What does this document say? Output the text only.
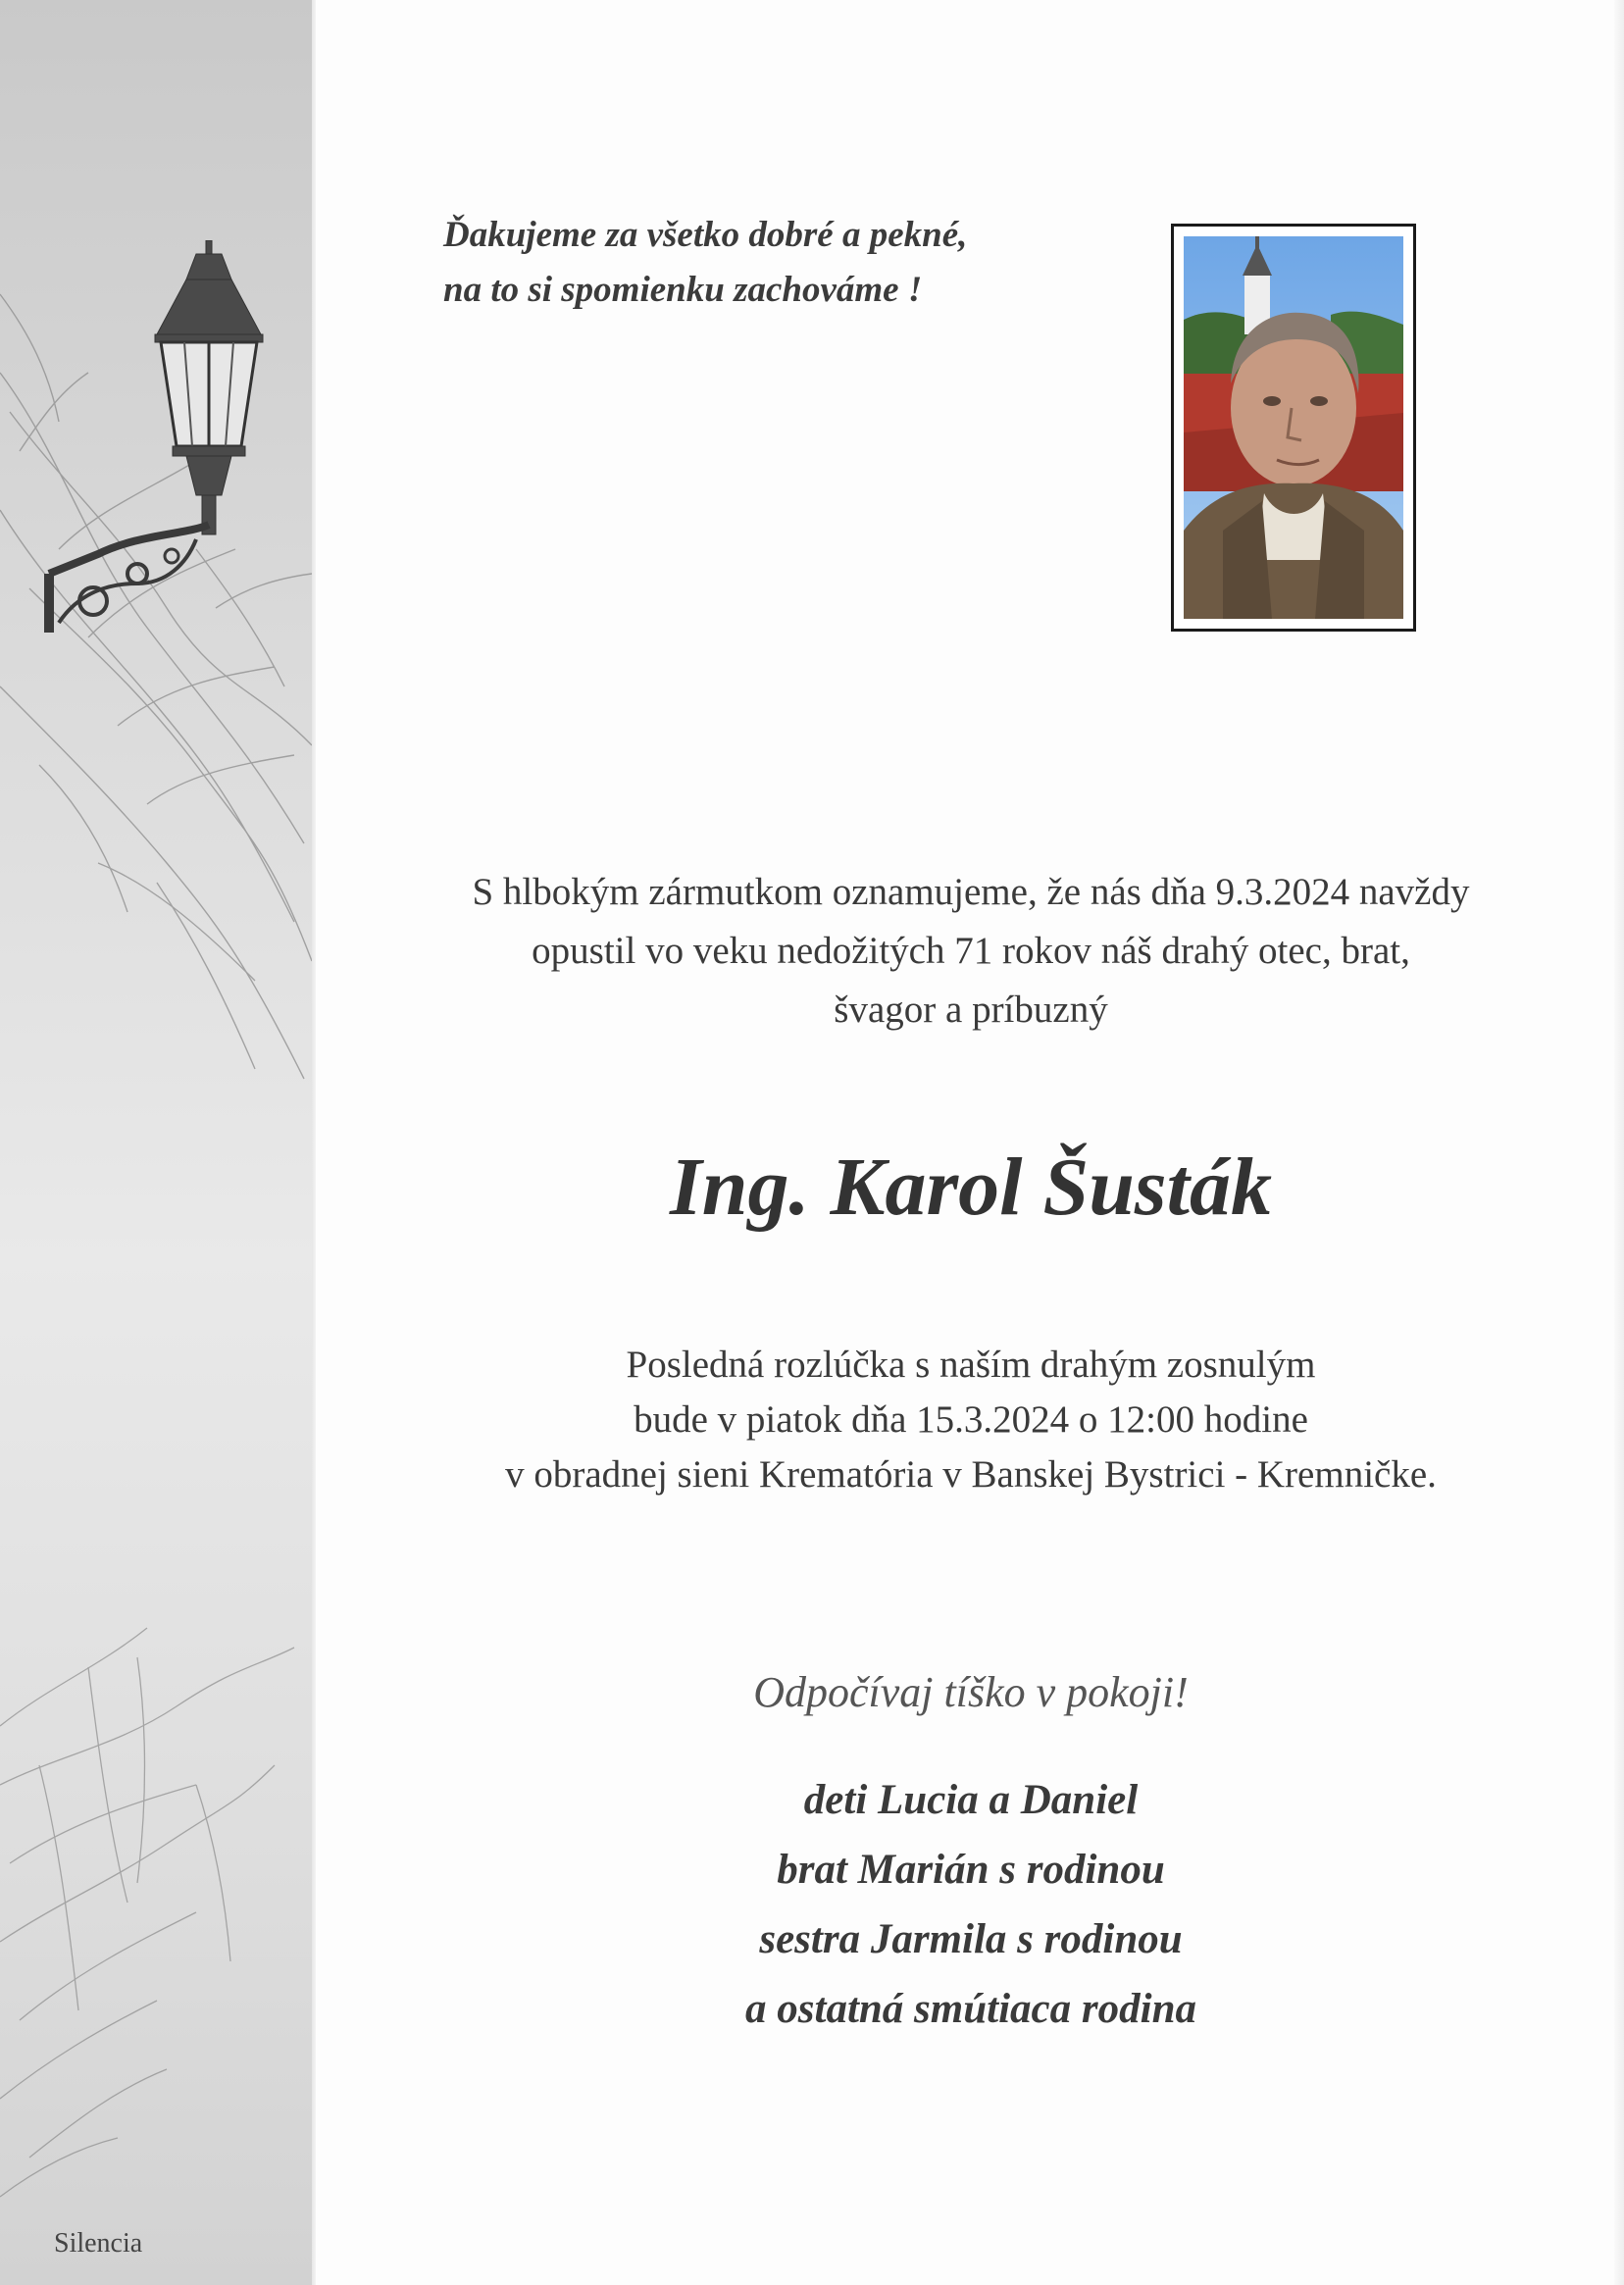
Silencia
Ďakujeme za všetko dobré a pekné,
na to si spomienku zachováme !
S hlbokým zármutkom oznamujeme, že nás dňa 9.3.2024 navždy
opustil vo veku nedožitých 71 rokov náš drahý otec, brat,
švagor a príbuzný
Ing. Karol Šusták
Posledná rozlúčka s naším drahým zosnulým
bude v piatok dňa 15.3.2024 o 12:00 hodine
v obradnej sieni Krematória v Banskej Bystrici - Kremničke.
Odpočívaj tíško v pokoji!
deti Lucia a Daniel
brat Marián s rodinou
sestra Jarmila s rodinou
a ostatná smútiaca rodina
